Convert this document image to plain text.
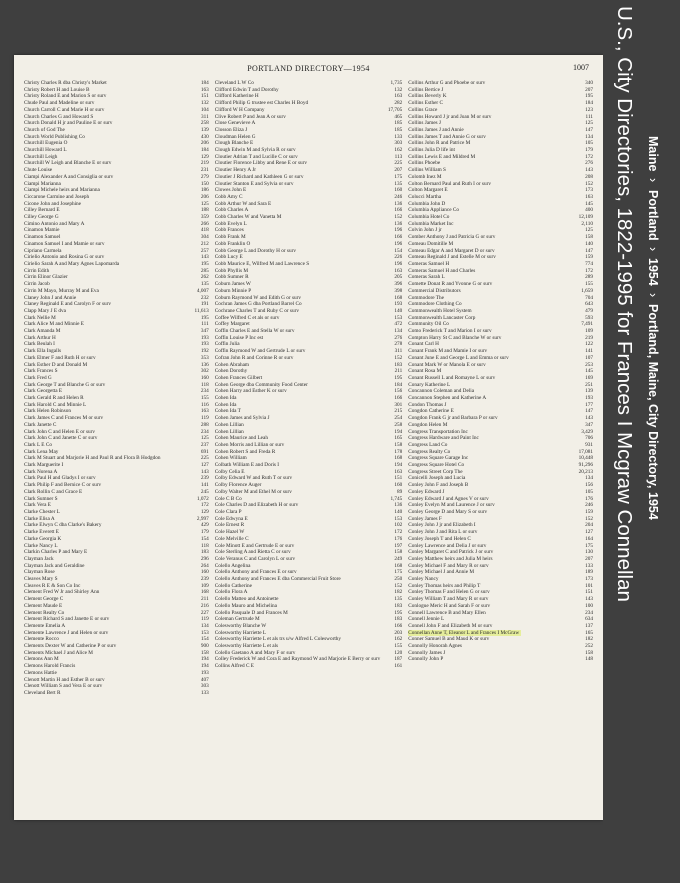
PORTLAND DIRECTORY—1954	1007
Christy Charles R dba Christy's Market	184
Christy Robert H and Louise B	163
Christy Roland E and Marion S or surv	151
Chude Paul and Madeline or surv	132
Church Carroll C and Marie H or surv	104
Church Charles G and Howard S	311
Church Donald H jr and Pauline E or surv	258
Church of God The	139
Church World Publishing Co	430
Churchill Eugenia O	206
Churchill Howard L	184
Churchill Leigh	129
Churchill W Leigh and Blanche E or surv	219
Chute Louise	231
Ciampi Alexander A and Consiglia or surv	279
Ciampi Marianna	150
Ciampi Michele heirs and Marianna	186
Ciccarone Carmine and Joseph	206
Cicone John and Josephine	125
Cilley Bernard E	188
Cilley George G	359
Cimino Antonio and Mary A	266
Cinamon Mamie	418
Cinamon Samuel	304
Cinamon Samuel I and Mamie or surv	212
Cipriano Carmela	257
Cirielio Antonio and Rosina G or surv	143
Cirielio Sarah A and Mary Agnes Lapomarda	195
Cirrin Edith	285
Cirrin Elinor Glazier	262
Cirrin Jacob	135
Cirrin M Mayo, Murray M and Eva	4,007
Claney John J and Annie	232
Claney Reginald E and Carolyn F or surv	191
Clapp Mary J E dva	11,613
Clark Nellie M	195
Clark Alice M and Minnie E	111
Clark Amanda M	347
Clark Arthur H	193
Clark Beulah I	193
Clark Ella Ingalls	192
Clark Elmer F and Ruth H or surv	353
Clark Esther D and Donald M	136
Clark Frances S	302
Clark Fred G	160
Clark George T and Blanche G or surv	118
Clark Georgetta E	234
Clark Gerald R and Helen R	155
Clark Harold C and Minnie L	116
Clark Helen Robinson	163
Clark James C and Frances M or surv	119
Clark Janette C	288
Clark John C and Helen E or surv	234
Clark John C and Janette C or surv	125
Clark L E Co	237
Clark Lena May	691
Clark M Stuart and Marjorie H and Paul R and Flora B Hodgdon	225
Clark Marguerite I	127
Clark Norena A	143
Clark Paul H and Gladys I or surv	239
Clark Philip F and Bernice C or surv	141
Clark Rollin C and Grace E	245
Clark Sumner S	1,072
Clark Vera E	172
Clarke Chester L	129
Clarke Elisa A	2,997
Clarke Elwyn C dba Clarke's Bakery	429
Clarke Everett E	179
Clarke Georgia K	154
Clarke Nancy L	118
Clarkin Charles P and Mary E	183
Clayman Jack	296
Clayman Jack and Geraldine	264
Clayman Rose	160
Cleaves Mary S	239
Cleaves R E & Son Co Inc	109
Clement Fred W Jr and Shirley Ann	168
Clement George C	211
Clement Maude E	216
Clement Realty Co	227
Clement Richard S and Janette E or surv	119
Clemente Emelia A	134
Clemente Lawrence J and Helen or surv	153
Clemente Rocco	154
Clements Dexter W and Catherine P or surv	900
Clements Michael J and Alice M	158
Clemons Ann M	194
Clemons Harold Francis	194
Clemons Hattie	193
Clenott Martin H and Esther B or surv	407
Clenott William S and Vera E or surv	303
Cleveland Bert R	133
Cleveland L W Co	1,735
Clifford Edwin T and Dorothy	132
Clifford Katherine H	163
Clifford Philip G trustee est Charles H Boyd	282
Clifford W H Company	17,705
Clive Robert P and Jean A or surv	465
Close Genevieve A	185
Closson Eliza J	185
Cloudman Helen G	133
Clough Blanche E	303
Clough Edwin M and Sylvia R or surv	162
Cloutier Adrian T and Lucille C or surv	113
Cloutier Florence Libby and Rene E or surv	225
Cloutier Henry A Jr	207
Cloutier J Richard and Kathleen G or surv	175
Cloutier Stanton E and Sylvia or surv	135
Clowes John E	160
Cobb Amy C	246
Cobb Arthur W and Sara E	136
Cobb Charles A	166
Cobb Charles W and Vanetta M	152
Cobb Evelyn L	136
Cobb Frances	196
Cobb Frank M	166
Cobb Franklin O	196
Cobb George L and Dorothy H or surv	154
Cobb Lucy E	226
Cobb Maurice E, Wilfred M and Lawrence S	196
Cobb Phyllis M	163
Cobb Sumner R	205
Coburn James W	396
Coburn Minnie P	398
Coburn Raymond W and Edith G or surv	168
Cochran James G dba Portland Barrel Co	193
Cochrane Charles T and Ruby C or surv	140
Coffee Wilfred C et als or surv	153
Coffey Margaret	472
Coffin Charles E and Stella W or surv	134
Coffin Louise P Inc est	276
Coffin Julia	278
Coffin Raymond W and Gertrude L or surv	311
Cofran John R and Corinne R or surv	152
Cohen Abraham	183
Cohen Dorothy	211
Cohen Frances Gilbert	195
Cohen George dba Community Food Center	184
Cohen Harry and Esther K or surv	156
Cohen Ida	166
Cohen Ida	301
Cohen Ida T	215
Cohen James and Sylvia J	254
Cohen Lillian	258
Cohen Lillian	194
Cohen Maurice and Leah	165
Cohen Morris and Lillian or surv	158
Cohen Robert S and Freda R	178
Cohen William	168
Colbath William E and Doris I	194
Colby Celia E	163
Colby Edward W and Ruth T or surv	151
Colby Florence Auger	160
Colby Walter M and Ethel M or surv	89
Cole C B Co	1,745
Cole Charles D and Elizabeth H or surv	136
Cole Clara P	140
Cole Edwyna E	153
Cole Ernest R	102
Cole Hazel W	172
Cole Melville C	176
Cole Minott E and Gertrude E or surv	197
Cole Sterling A and Rietta C or surv	158
Cole Veranus C and Carolyn L or surv	249
Colello Angelina	168
Colello Anthony and Frances E or surv	175
Colello Anthony and Frances E dba Commercial Fruit Store	250
Colello Catherine	152
Colello Flora A	182
Colello Matteo and Antoinette	135
Colello Mauro and Michelina	183
Colello Pasquale D and Frances M	195
Coleman Gertrude M	183
Colesworthy Blanche W	166
Colesworthy Harriette L	203
Colesworthy Harriette L et als trs u/w Alfred L Colesworthy	162
Colesworthy Harriette L et als	155
Colello Gaetano A and Mary F or surv	120
Colley Frederick W and Cora E and Raymond W and Marjorie E Berry or surv	187
Collins Alfred C E	161
Collins Arthur G and Phoebe or surv	340
Collins Bertice J	207
Collins Beverly K	195
Collins Esther C	184
Collins Grace	123
Collins Howard J jr and Joan M or surv	111
Collins James J	125
Collins James J and Annie	147
Collins James T and Annie G or surv	134
Collins John R and Patrice M	105
Collins Julia D life int	179
Collins Lewis E and Mildred M	172
Collins Phoebe	276
Collins William S	143
Colomb Inez M	208
Colton Bernard Paul and Ruth I or surv	152
Colton Margaret E	173
Colucci Martha	163
Columbia John D	145
Columbia Appliance Co	400
Columbia Hotel Co	12,109
Columbia Market Inc	2,110
Colvin John J jr	125
Comber Anthony J and Patricia G or surv	158
Comeau Domitille M	140
Comeau Edgar A and Margaret D or surv	147
Comeau Reginald J and Estelle M or surv	159
Comeras Samuel H	774
Comeras Samuel H and Charles	172
Comeras Sarah L	289
Comette Donat R and Yvonne G or surv	155
Commercial Distributors	1,659
Commodore The	704
Commodore Clothing Co	643
Commonwealth Hotel System	479
Commonwealth Lancaster Corp	593
Community Oil Co	7,491
Como Frederick T and Marion I or surv	109
Compton Harry St C and Blanche W or surv	219
Conant Carl H	122
Conant Frank M and Mamie I or surv	141
Conant June E and George L and Emma or surv	107
Conant Mark W or Manola E or surv	253
Conant Rosa M	145
Conant Russell L and Romayne L or surv	169
Conary Katherine L	251
Concannon Coleman and Delia	139
Concannon Stephen and Katherine A	193
Condon Thomas J	177
Congdon Catherine E	147
Congdon Frank G jr and Barbara P or surv	143
Congdon Helen M	347
Congress Transportation Inc	3,429
Congress Hardware and Paint Inc	706
Congress Land Co	931
Congress Realty Co	17,081
Congress Square Garage Inc	10,448
Congress Square Hotel Co	91,296
Congress Street Corp The	20,213
Conicelli Joseph and Lucia	134
Conley John F and Joseph B	156
Conley Edward J	105
Conley Edward J and Agnes V or surv	176
Conley Evelyn M and Laurence J or surv	246
Conley George D and Mary S or surv	159
Conley James F	152
Conley John J jr and Elizabeth I	204
Conley John J and Rita L or surv	127
Conley Joseph T and Helen C	164
Conley Lawrence and Delia J or surv	175
Conley Margaret C and Patrick J or surv	130
Conley Matthew heirs and Julia M heirs	207
Conley Michael F and Mary R or surv	133
Conley Michael J and Annie M	189
Conley Nancy	173
Conley Thomas heirs and Philip T	101
Conley Thomas F and Helen G or surv	151
Conley William T and Mary R or surv	143
Conlogue Meric H and Sarah F or surv	100
Connell Lawrence B and Mary Ellen	234
Connell Jennie L	634
Connell John F and Elizabeth M or surv	137
Connellan Anne T, Eleanor L and Frances I McGraw	165
Conner Samuel B and Maud K or surv	182
Connolly Honorah Agnes	252
Connolly James J	158
Connolly John P	148
U.S., City Directories, 1822-1995 for Frances I Mcgraw Connellan Maine
›
Portland
›
1954
›
Portland, Maine, City Directory, 1954
